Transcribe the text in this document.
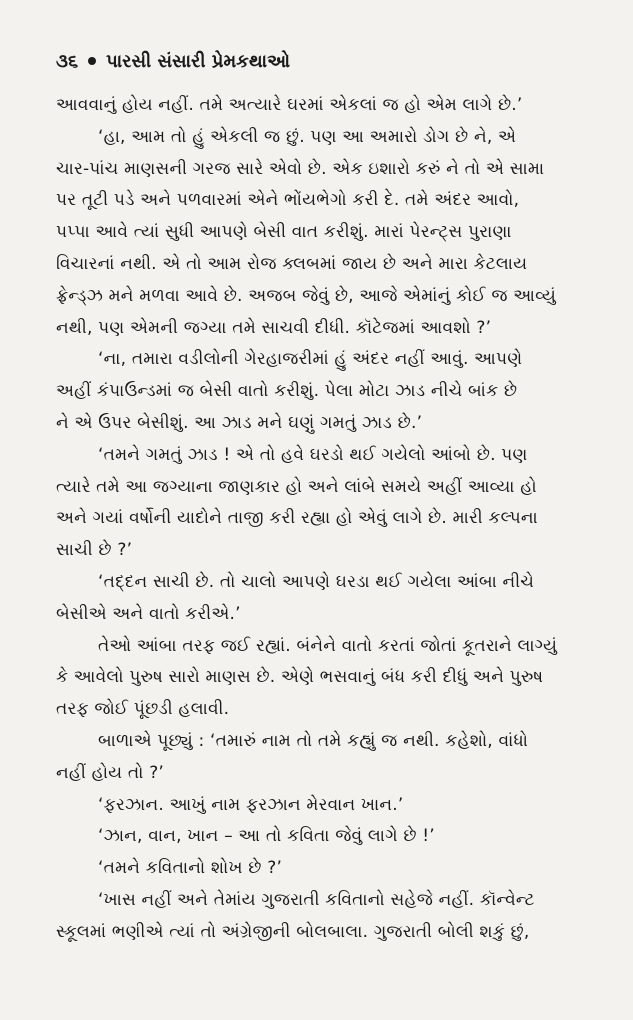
૩૬ પારસી સંસારી પ્રેમકથાઓ
આવવાનું હોય નહીં. તમે અત્યારે ઘરમાં એકલાં જ હો એમ લાગે છે.’
‘હા, આમ તો હું એકલી જ છું. પણ આ અમારો ડોગ છે ને, એ
ચાર-પાંચ માણસની ગરજ સારે એવો છે. એક ઇશારો કરું ને તો એ સામા
પર તૂટી પડે અને પળવારમાં એને ભોંયભેગો કરી દે. તમે અંદર આવો,
પપ્પા આવે ત્યાં સુધી આપણે બેસી વાત કરીશું. મારાં પેરન્ટ્સ પુરાણા
વિચારનાં નથી. એ તો આમ રોજ ક્લબમાં જાય છે અને મારા કેટલાય
ફ્રેન્ડ્ઝ મને મળવા આવે છે. અજબ જેવું છે, આજે એમાંનું કોઈ જ આવ્યું
નથી, પણ એમની જગ્યા તમે સાચવી દીધી. કૉટેજમાં આવશો ?’
‘ના, તમારા વડીલોની ગેરહાજરીમાં હું અંદર નહીં આવું. આપણે
અહીં કંપાઉન્ડમાં જ બેસી વાતો કરીશું. પેલા મોટા ઝાડ નીચે બાંક છે
ને એ ઉપર બેસીશું. આ ઝાડ મને ઘણું ગમતું ઝાડ છે.’
‘તમને ગમતું ઝાડ ! એ તો હવે ઘરડો થઈ ગયેલો આંબો છે. પણ
ત્યારે તમે આ જગ્યાના જાણકાર હો અને લાંબે સમયે અહીં આવ્યા હો
અને ગયાં વર્ષોની યાદોને તાજી કરી રહ્યા હો એવું લાગે છે. મારી કલ્પના
સાચી છે ?’
‘તદ્દન સાચી છે. તો ચાલો આપણે ઘરડા થઈ ગયેલા આંબા નીચે
બેસીએ અને વાતો કરીએ.’
તેઓ આંબા તરફ જઈ રહ્યાં. બંનેને વાતો કરતાં જોતાં કૂતરાને લાગ્યું
કે આવેલો પુરુષ સારો માણસ છે. એણે ભસવાનું બંધ કરી દીધું અને પુરુષ
તરફ જોઈ પૂંછડી હલાવી.
બાળાએ પૂછ્યું : ‘તમારું નામ તો તમે કહ્યું જ નથી. કહેશો, વાંધો
નહીં હોય તો ?’
‘ફરઝાન. આખું નામ ફરઝાન મેરવાન ખાન.’
‘ઝાન, વાન, ખાન – આ તો કવિતા જેવું લાગે છે !’
‘તમને કવિતાનો શોખ છે ?’
‘ખાસ નહીં અને તેમાંય ગુજરાતી કવિતાનો સહેજે નહીં. કૉન્વેન્ટ
સ્કૂલમાં ભણીએ ત્યાં તો અંગ્રેજીની બોલબાલા. ગુજરાતી બોલી શકું છું,
